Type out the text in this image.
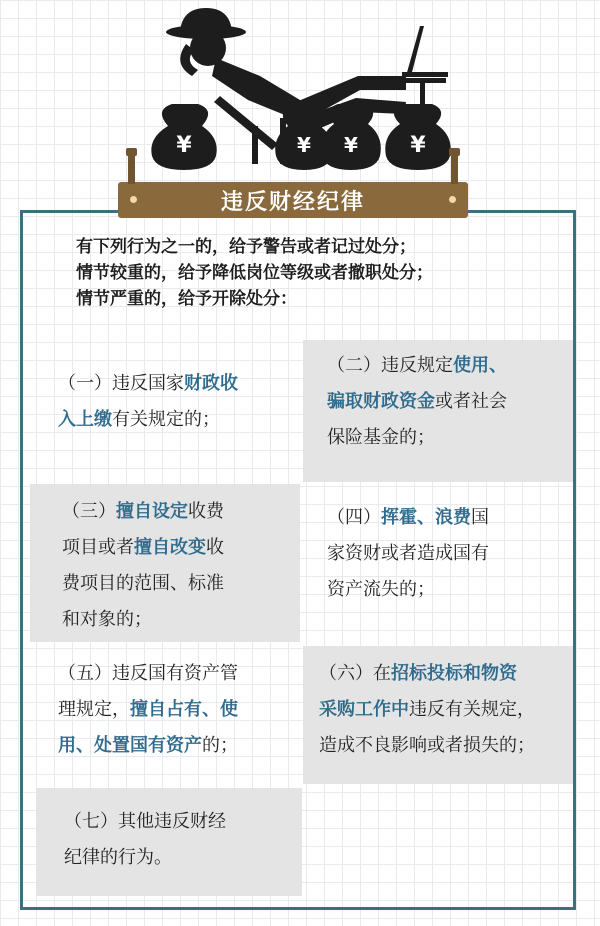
¥	¥ ¥ ¥
违反财经纪律
有下列行为之一的，给予警告或者记过处分；
情节较重的，给予降低岗位等级或者撤职处分；
情节严重的，给予开除处分：
（一）违反国家财政收
入上缴有关规定的；
（二）违反规定使用、
骗取财政资金或者社会
保险基金的；
（三）擅自设定收费
项目或者擅自改变收
费项目的范围、标准
和对象的；
（四）挥霍、浪费国
家资财或者造成国有
资产流失的；
（五）违反国有资产管
理规定，擅自占有、使
用、处置国有资产的；
（六）在招标投标和物资
采购工作中违反有关规定，
造成不良影响或者损失的；
（七）其他违反财经
纪律的行为。
